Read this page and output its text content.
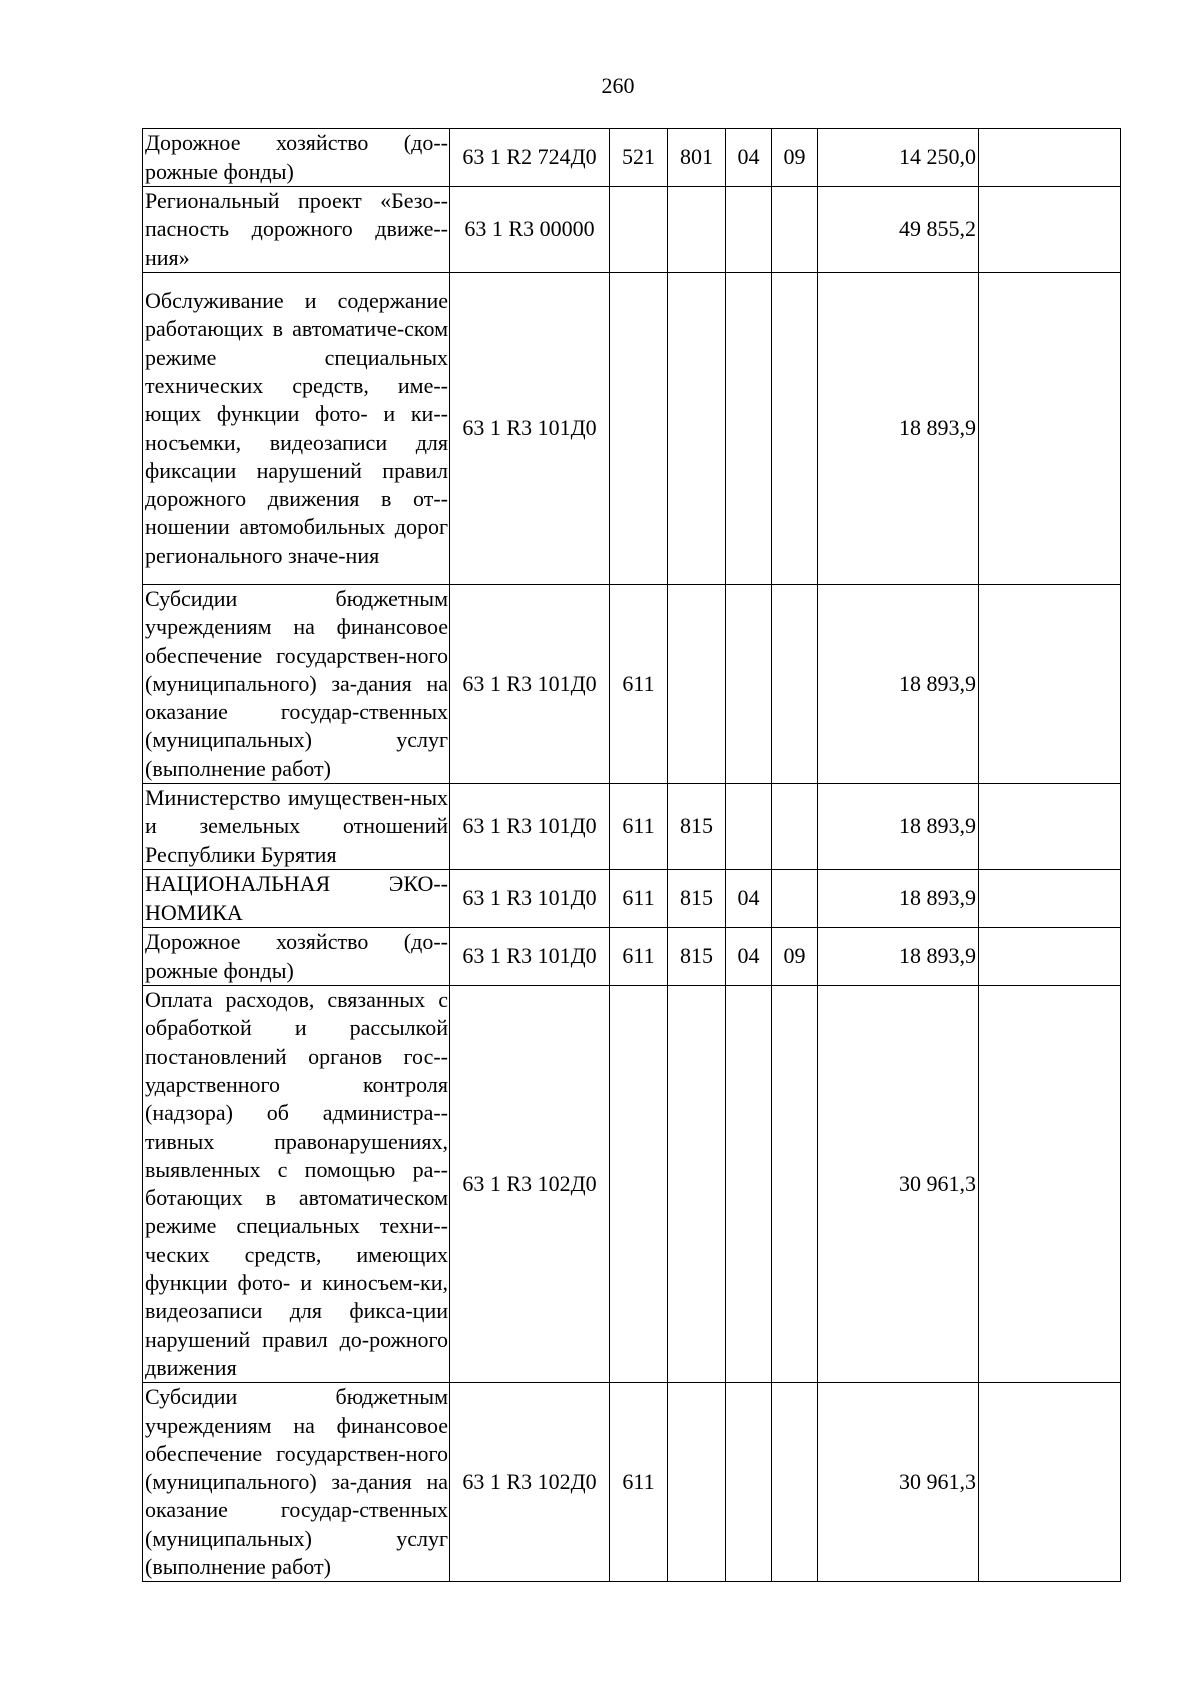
260
Дорожное хозяйство (до-рожные фонды)	63 1 R2 724Д0	521	801	04	09	14 250,0	
Региональный проект «Безо-пасность дорожного движе-ния»	63 1 R3 00000					49 855,2	
Обслуживание и содержание работающих в автоматиче-ском режиме специальных технических средств, име-ющих функции фото- и ки-носъемки, видеозаписи для фиксации нарушений правил дорожного движения в от-ношении автомобильных дорог регионального значе-ния	63 1 R3 101Д0					18 893,9	
Субсидии бюджетным учреждениям на финансовое обеспечение государствен-ного (муниципального) за-дания на оказание государ-ственных (муниципальных) услуг (выполнение работ)	63 1 R3 101Д0	611				18 893,9	
Министерство имуществен-ных и земельных отношений Республики Бурятия	63 1 R3 101Д0	611	815			18 893,9	
НАЦИОНАЛЬНАЯ ЭКО-НОМИКА	63 1 R3 101Д0	611	815	04		18 893,9	
Дорожное хозяйство (до-рожные фонды)	63 1 R3 101Д0	611	815	04	09	18 893,9	
Оплата расходов, связанных с обработкой и рассылкой постановлений органов гос-ударственного контроля (надзора) об администра-тивных правонарушениях, выявленных с помощью ра-ботающих в автоматическом режиме специальных техни-ческих средств, имеющих функции фото- и киносъем-ки, видеозаписи для фикса-ции нарушений правил до-рожного движения	63 1 R3 102Д0					30 961,3	
Субсидии бюджетным учреждениям на финансовое обеспечение государствен-ного (муниципального) за-дания на оказание государ-ственных (муниципальных) услуг (выполнение работ)	63 1 R3 102Д0	611				30 961,3	
